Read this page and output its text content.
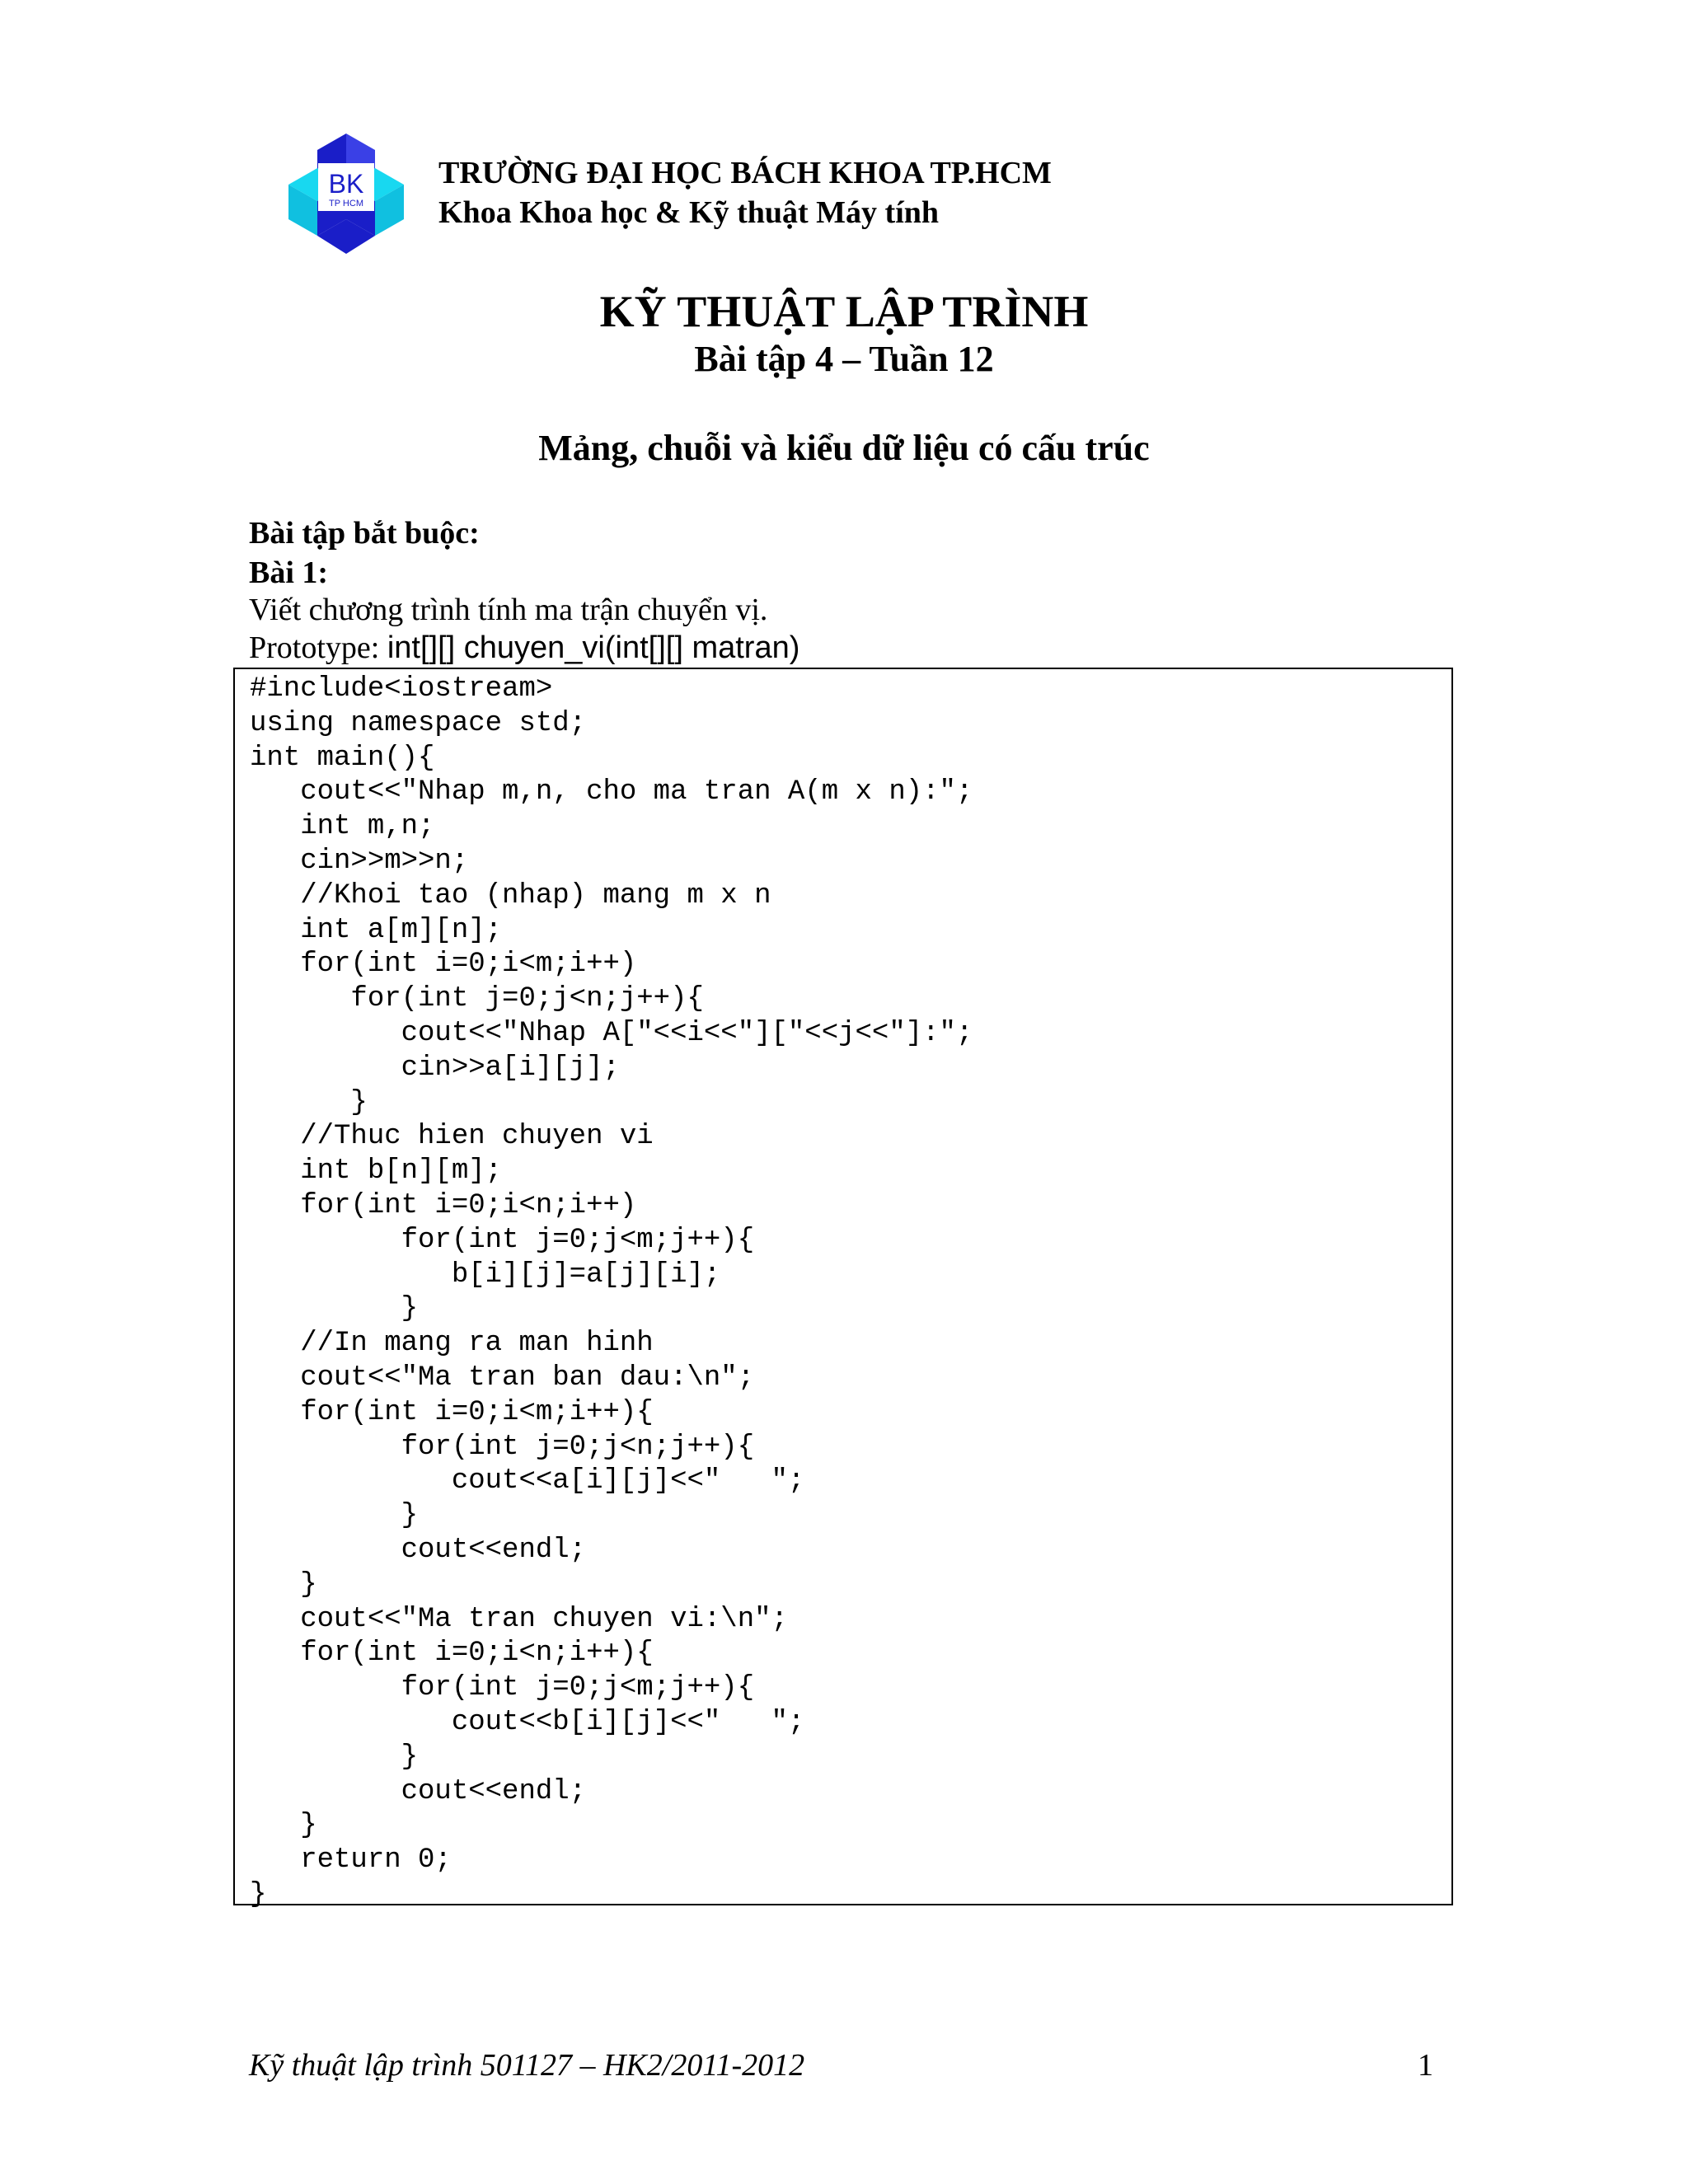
BK
TP HCM
TRƯỜNG ĐẠI HỌC BÁCH KHOA TP.HCM
Khoa Khoa học & Kỹ thuật Máy tính
KỸ THUẬT LẬP TRÌNH
Bài tập 4 – Tuần 12
Mảng, chuỗi và kiểu dữ liệu có cấu trúc
Bài tập bắt buộc:
Bài 1:
Viết chương trình tính ma trận chuyển vị.
Prototype: int[][] chuyen_vi(int[][] matran)
#include<iostream>
using namespace std;
int main(){
cout<<"Nhap m,n, cho ma tran A(m x n):";
int m,n;
cin>>m>>n;
//Khoi tao (nhap) mang m x n
int a[m][n];
for(int i=0;i<m;i++)
for(int j=0;j<n;j++){
cout<<"Nhap A["<<i<<"]["<<j<<"]:";
cin>>a[i][j];
}
//Thuc hien chuyen vi
int b[n][m];
for(int i=0;i<n;i++)
for(int j=0;j<m;j++){
b[i][j]=a[j][i];
}
//In mang ra man hinh
cout<<"Ma tran ban dau:\n";
for(int i=0;i<m;i++){
for(int j=0;j<n;j++){
cout<<a[i][j]<<"   ";
}
cout<<endl;
}
cout<<"Ma tran chuyen vi:\n";
for(int i=0;i<n;i++){
for(int j=0;j<m;j++){
cout<<b[i][j]<<"   ";
}
cout<<endl;
}
return 0;
}
Kỹ thuật lập trình 501127 – HK2/2011-2012	1
